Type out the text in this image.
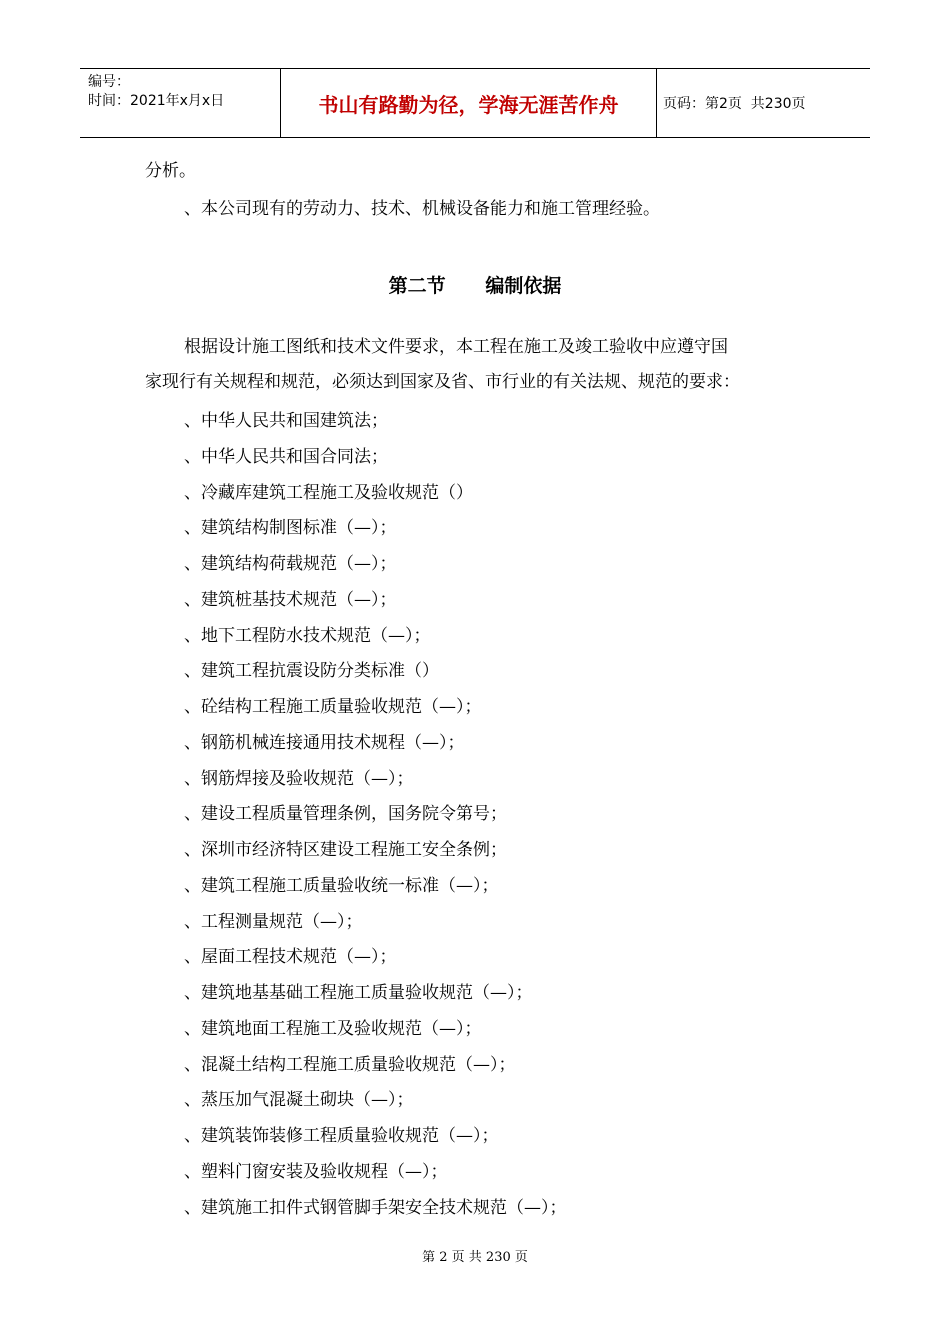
编号：
时间：2021年x月x日	书山有路勤为径，学海无涯苦作舟	页码：第2页  共230页
分析。
、本公司现有的劳动力、技术、机械设备能力和施工管理经验。
第二节      编制依据
根据设计施工图纸和技术文件要求，本工程在施工及竣工验收中应遵守国
家现行有关规程和规范，必须达到国家及省、市行业的有关法规、规范的要求：
、中华人民共和国建筑法；
、中华人民共和国合同法；
、冷藏库建筑工程施工及验收规范（）
、建筑结构制图标准（—）；
、建筑结构荷载规范（—）；
、建筑桩基技术规范（—）；
、地下工程防水技术规范（—）；
、建筑工程抗震设防分类标准（）
、砼结构工程施工质量验收规范（—）；
、钢筋机械连接通用技术规程（—）；
、钢筋焊接及验收规范（—）；
、建设工程质量管理条例，国务院令第号；
、深圳市经济特区建设工程施工安全条例；
、建筑工程施工质量验收统一标准（—）；
、工程测量规范（—）；
、屋面工程技术规范（—）；
、建筑地基基础工程施工质量验收规范（—）；
、建筑地面工程施工及验收规范（—）；
、混凝土结构工程施工质量验收规范（—）；
、蒸压加气混凝土砌块（—）；
、建筑装饰装修工程质量验收规范（—）；
、塑料门窗安装及验收规程（—）；
、建筑施工扣件式钢管脚手架安全技术规范（—）；
第 2 页 共 230 页
